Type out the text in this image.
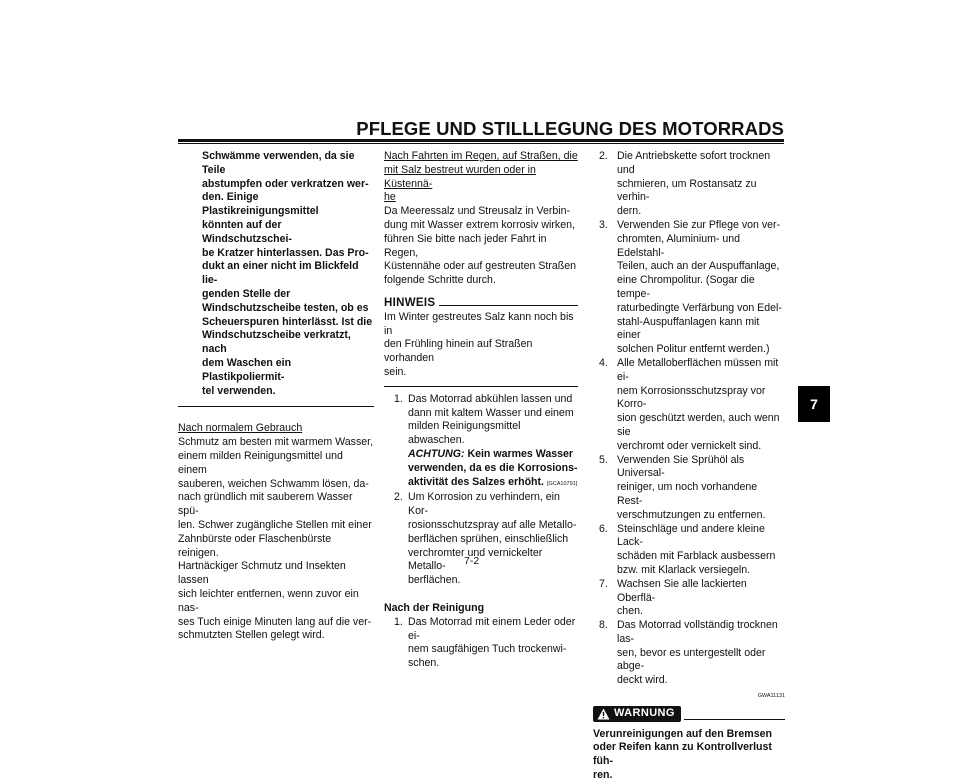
PFLEGE UND STILLLEGUNG DES MOTORRADS
Schwämme verwenden, da sie Teile
abstumpfen oder verkratzen wer-
den. Einige Plastikreinigungsmittel
könnten auf der Windschutzschei-
be Kratzer hinterlassen. Das Pro-
dukt an einer nicht im Blickfeld lie-
genden Stelle der
Windschutzscheibe testen, ob es
Scheuerspuren hinterlässt. Ist die
Windschutzscheibe verkratzt, nach
dem Waschen ein Plastikpoliermit-
tel verwenden.
Nach normalem Gebrauch
Schmutz am besten mit warmem Wasser,
einem milden Reinigungsmittel und einem
sauberen, weichen Schwamm lösen, da-
nach gründlich mit sauberem Wasser spü-
len. Schwer zugängliche Stellen mit einer
Zahnbürste oder Flaschenbürste reinigen.
Hartnäckiger Schmutz und Insekten lassen
sich leichter entfernen, wenn zuvor ein nas-
ses Tuch einige Minuten lang auf die ver-
schmutzten Stellen gelegt wird.
Nach Fahrten im Regen, auf Straßen, die
mit Salz bestreut wurden oder in Küstennä-
he
Da Meeressalz und Streusalz in Verbin-
dung mit Wasser extrem korrosiv wirken,
führen Sie bitte nach jeder Fahrt in Regen,
Küstennähe oder auf gestreuten Straßen
folgende Schritte durch.
HINWEIS
Im Winter gestreutes Salz kann noch bis in
den Frühling hinein auf Straßen vorhanden
sein.
1. Das Motorrad abkühlen lassen und
dann mit kaltem Wasser und einem
milden Reinigungsmittel abwaschen.
ACHTUNG: Kein warmes Wasser
verwenden, da es die Korrosions-
aktivität des Salzes erhöht. [GCA10791]
2. Um Korrosion zu verhindern, ein Kor-
rosionsschutzspray auf alle Metallo-
berflächen sprühen, einschließlich
verchromter und vernickelter Metallo-
berflächen.
Nach der Reinigung
1. Das Motorrad mit einem Leder oder ei-
nem saugfähigen Tuch trockenwi-
schen.
2. Die Antriebskette sofort trocknen und
schmieren, um Rostansatz zu verhin-
dern.
3. Verwenden Sie zur Pflege von ver-
chromten, Aluminium- und Edelstahl-
Teilen, auch an der Auspuffanlage,
eine Chrompolitur. (Sogar die tempe-
raturbedingte Verfärbung von Edel-
stahl-Auspuffanlagen kann mit einer
solchen Politur entfernt werden.)
4. Alle Metalloberflächen müssen mit ei-
nem Korrosionsschutzspray vor Korro-
sion geschützt werden, auch wenn sie
verchromt oder vernickelt sind.
5. Verwenden Sie Sprühöl als Universal-
reiniger, um noch vorhandene Rest-
verschmutzungen zu entfernen.
6. Steinschläge und andere kleine Lack-
schäden mit Farblack ausbessern
bzw. mit Klarlack versiegeln.
7. Wachsen Sie alle lackierten Oberflä-
chen.
8. Das Motorrad vollständig trocknen las-
sen, bevor es untergestellt oder abge-
deckt wird.
GWA11131
WARNUNG
Verunreinigungen auf den Bremsen
oder Reifen kann zu Kontrollverlust füh-
ren.
7
7-2
